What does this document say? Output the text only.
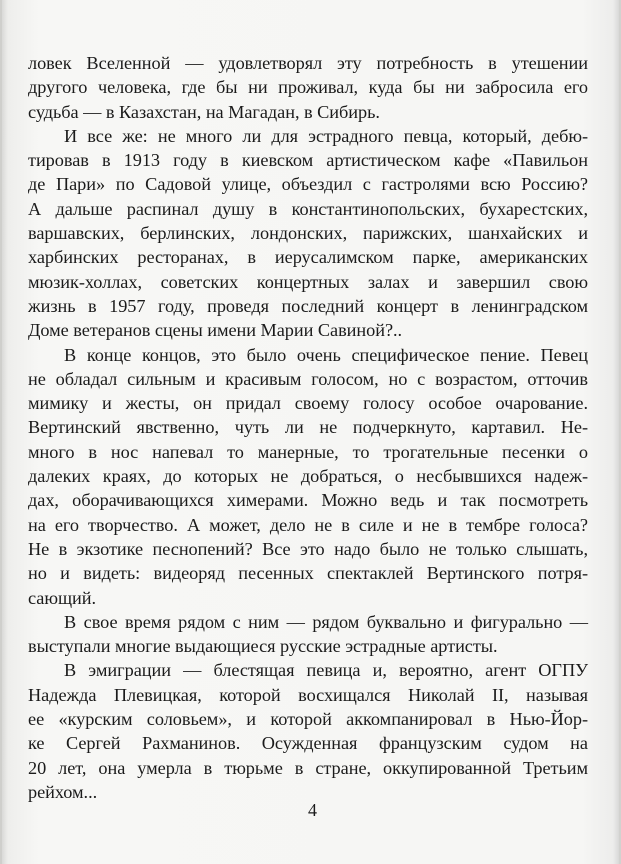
ловек Вселенной — удовлетворял эту потребность в утешении
другого человека, где бы ни проживал, куда бы ни забросила его
судьба — в Казахстан, на Магадан, в Сибирь.
И все же: не много ли для эстрадного певца, который, дебю-
тировав в 1913 году в киевском артистическом кафе «Павильон
де Пари» по Садовой улице, объездил с гастролями всю Россию?
А дальше распинал душу в константинопольских, бухарестских,
варшавских, берлинских, лондонских, парижских, шанхайских и
харбинских ресторанах, в иерусалимском парке, американских
мюзик-холлах, советских концертных залах и завершил свою
жизнь в 1957 году, проведя последний концерт в ленинградском
Доме ветеранов сцены имени Марии Савиной?..
В конце концов, это было очень специфическое пение. Певец
не обладал сильным и красивым голосом, но с возрастом, отточив
мимику и жесты, он придал своему голосу особое очарование.
Вертинский явственно, чуть ли не подчеркнуто, картавил. Не-
много в нос напевал то манерные, то трогательные песенки о
далеких краях, до которых не добраться, о несбывшихся надеж-
дах, оборачивающихся химерами. Можно ведь и так посмотреть
на его творчество. А может, дело не в силе и не в тембре голоса?
Не в экзотике песнопений? Все это надо было не только слышать,
но и видеть: видеоряд песенных спектаклей Вертинского потря-
сающий.
В свое время рядом с ним — рядом буквально и фигурально —
выступали многие выдающиеся русские эстрадные артисты.
В эмиграции — блестящая певица и, вероятно, агент ОГПУ
Надежда Плевицкая, которой восхищался Николай II, называя
ее «курским соловьем», и которой аккомпанировал в Нью-Йор-
ке Сергей Рахманинов. Осужденная французским судом на
20 лет, она умерла в тюрьме в стране, оккупированной Третьим
рейхом...
4
